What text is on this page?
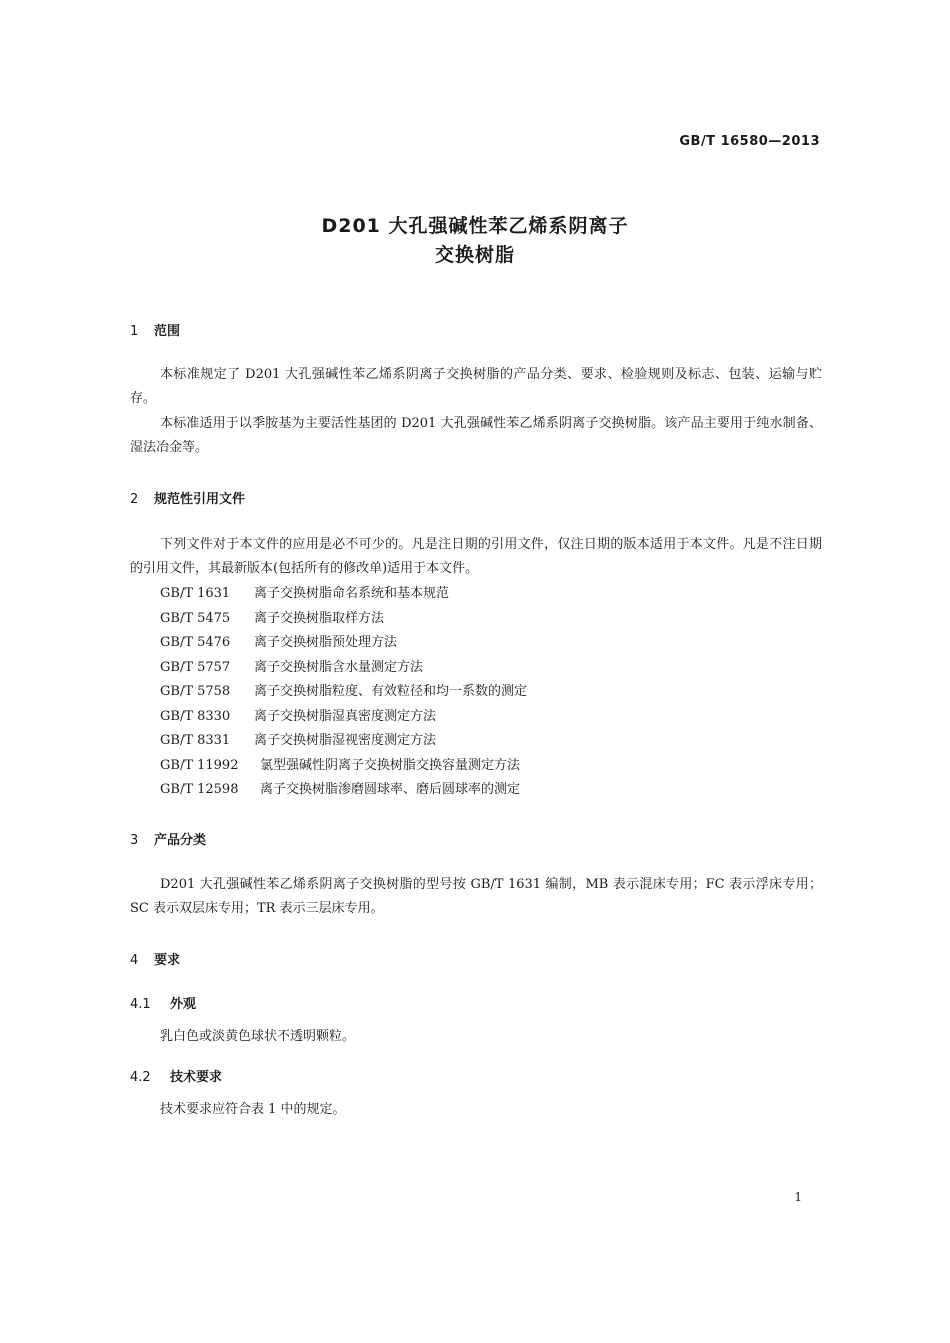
GB/T 16580—2013
D201 大孔强碱性苯乙烯系阴离子
交换树脂
1 范围
本标准规定了 D201 大孔强碱性苯乙烯系阴离子交换树脂的产品分类、要求、检验规则及标志、包装、运输与贮存。
本标准适用于以季胺基为主要活性基团的 D201 大孔强碱性苯乙烯系阴离子交换树脂。该产品主要用于纯水制备、湿法冶金等。
2 规范性引用文件
下列文件对于本文件的应用是必不可少的。凡是注日期的引用文件，仅注日期的版本适用于本文件。凡是不注日期的引用文件，其最新版本(包括所有的修改单)适用于本文件。
GB/T 1631 离子交换树脂命名系统和基本规范
GB/T 5475 离子交换树脂取样方法
GB/T 5476 离子交换树脂预处理方法
GB/T 5757 离子交换树脂含水量测定方法
GB/T 5758 离子交换树脂粒度、有效粒径和均一系数的测定
GB/T 8330 离子交换树脂湿真密度测定方法
GB/T 8331 离子交换树脂湿视密度测定方法
GB/T 11992 氯型强碱性阴离子交换树脂交换容量测定方法
GB/T 12598 离子交换树脂渗磨圆球率、磨后圆球率的测定
3 产品分类
D201 大孔强碱性苯乙烯系阴离子交换树脂的型号按 GB/T 1631 编制，MB 表示混床专用；FC 表示浮床专用；SC 表示双层床专用；TR 表示三层床专用。
4 要求
4.1 外观
乳白色或淡黄色球状不透明颗粒。
4.2 技术要求
技术要求应符合表 1 中的规定。
1
